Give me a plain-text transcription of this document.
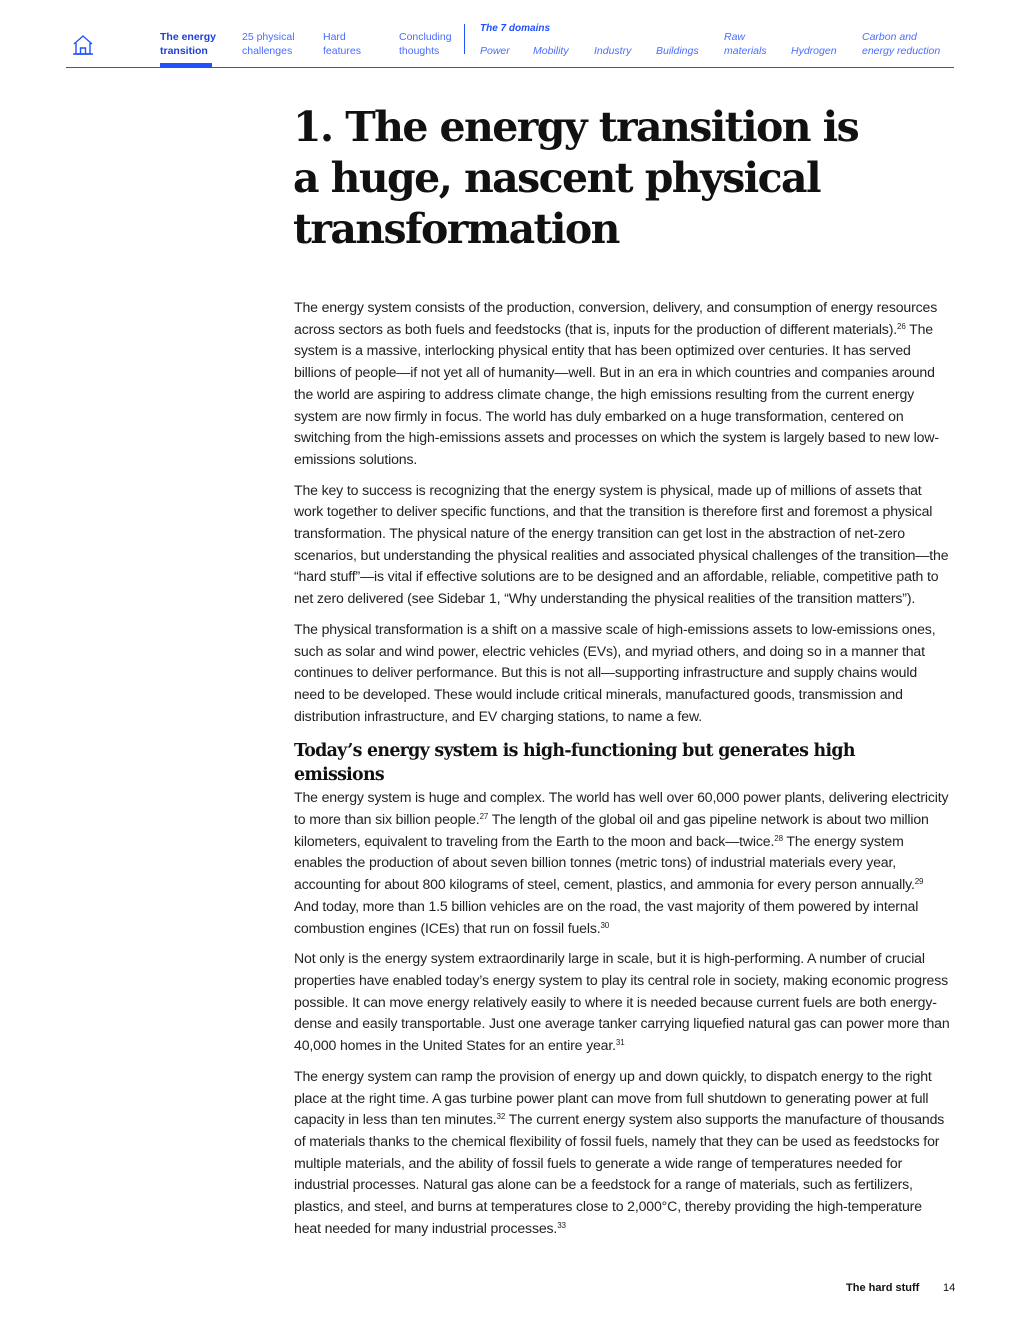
The energy
transition
25 physical
challenges
Hard
features
Concluding
thoughts
The 7 domains

Power
Mobility
Industry
Buildings
Raw
materials
Hydrogen
Carbon and
energy reduction
1. The energy transition is
a huge, nascent physical
transformation

The energy system consists of the production, conversion, delivery, and consumption of energy resources across sectors as both fuels and feedstocks (that is, inputs for the production of different materials).$^{26}$ The system is a massive, interlocking physical entity that has been optimized over centuries. It has served billions of people—if not yet all of humanity—well. But in an era in which countries and companies around the world are aspiring to address climate change, the high emissions resulting from the current energy system are now firmly in focus. The world has duly embarked on a huge transformation, centered on switching from the high-emissions assets and processes on which the system is largely based to new low-emissions solutions.

The key to success is recognizing that the energy system is physical, made up of millions of assets that work together to deliver specific functions, and that the transition is therefore first and foremost a physical transformation. The physical nature of the energy transition can get lost in the abstraction of net-zero scenarios, but understanding the physical realities and associated physical challenges of the transition—the “hard stuff”—is vital if effective solutions are to be designed and an affordable, reliable, competitive path to net zero delivered (see Sidebar 1, “Why understanding the physical realities of the transition matters”).

The physical transformation is a shift on a massive scale of high-emissions assets to low-emissions ones, such as solar and wind power, electric vehicles (EVs), and myriad others, and doing so in a manner that continues to deliver performance. But this is not all—supporting infrastructure and supply chains would need to be developed. These would include critical minerals, manufactured goods, transmission and distribution infrastructure, and EV charging stations, to name a few.

Today’s energy system is high-functioning but generates high emissions

The energy system is huge and complex. The world has well over 60,000 power plants, delivering electricity to more than six billion people.$^{27}$ The length of the global oil and gas pipeline network is about two million kilometers, equivalent to traveling from the Earth to the moon and back—twice.$^{28}$ The energy system enables the production of about seven billion tonnes (metric tons) of industrial materials every year, accounting for about 800 kilograms of steel, cement, plastics, and ammonia for every person annually.$^{29}$ And today, more than 1.5 billion vehicles are on the road, the vast majority of them powered by internal combustion engines (ICEs) that run on fossil fuels.$^{30}$

Not only is the energy system extraordinarily large in scale, but it is high-performing. A number of crucial properties have enabled today’s energy system to play its central role in society, making economic progress possible. It can move energy relatively easily to where it is needed because current fuels are both energy-dense and easily transportable. Just one average tanker carrying liquefied natural gas can power more than 40,000 homes in the United States for an entire year.$^{31}$

The energy system can ramp the provision of energy up and down quickly, to dispatch energy to the right place at the right time. A gas turbine power plant can move from full shutdown to generating power at full capacity in less than ten minutes.$^{32}$ The current energy system also supports the manufacture of thousands of materials thanks to the chemical flexibility of fossil fuels, namely that they can be used as feedstocks for multiple materials, and the ability of fossil fuels to generate a wide range of temperatures needed for industrial processes. Natural gas alone can be a feedstock for a range of materials, such as fertilizers, plastics, and steel, and burns at temperatures close to 2,000°C, thereby providing the high-temperature heat needed for many industrial processes.$^{33}$

The hard stuff 14
